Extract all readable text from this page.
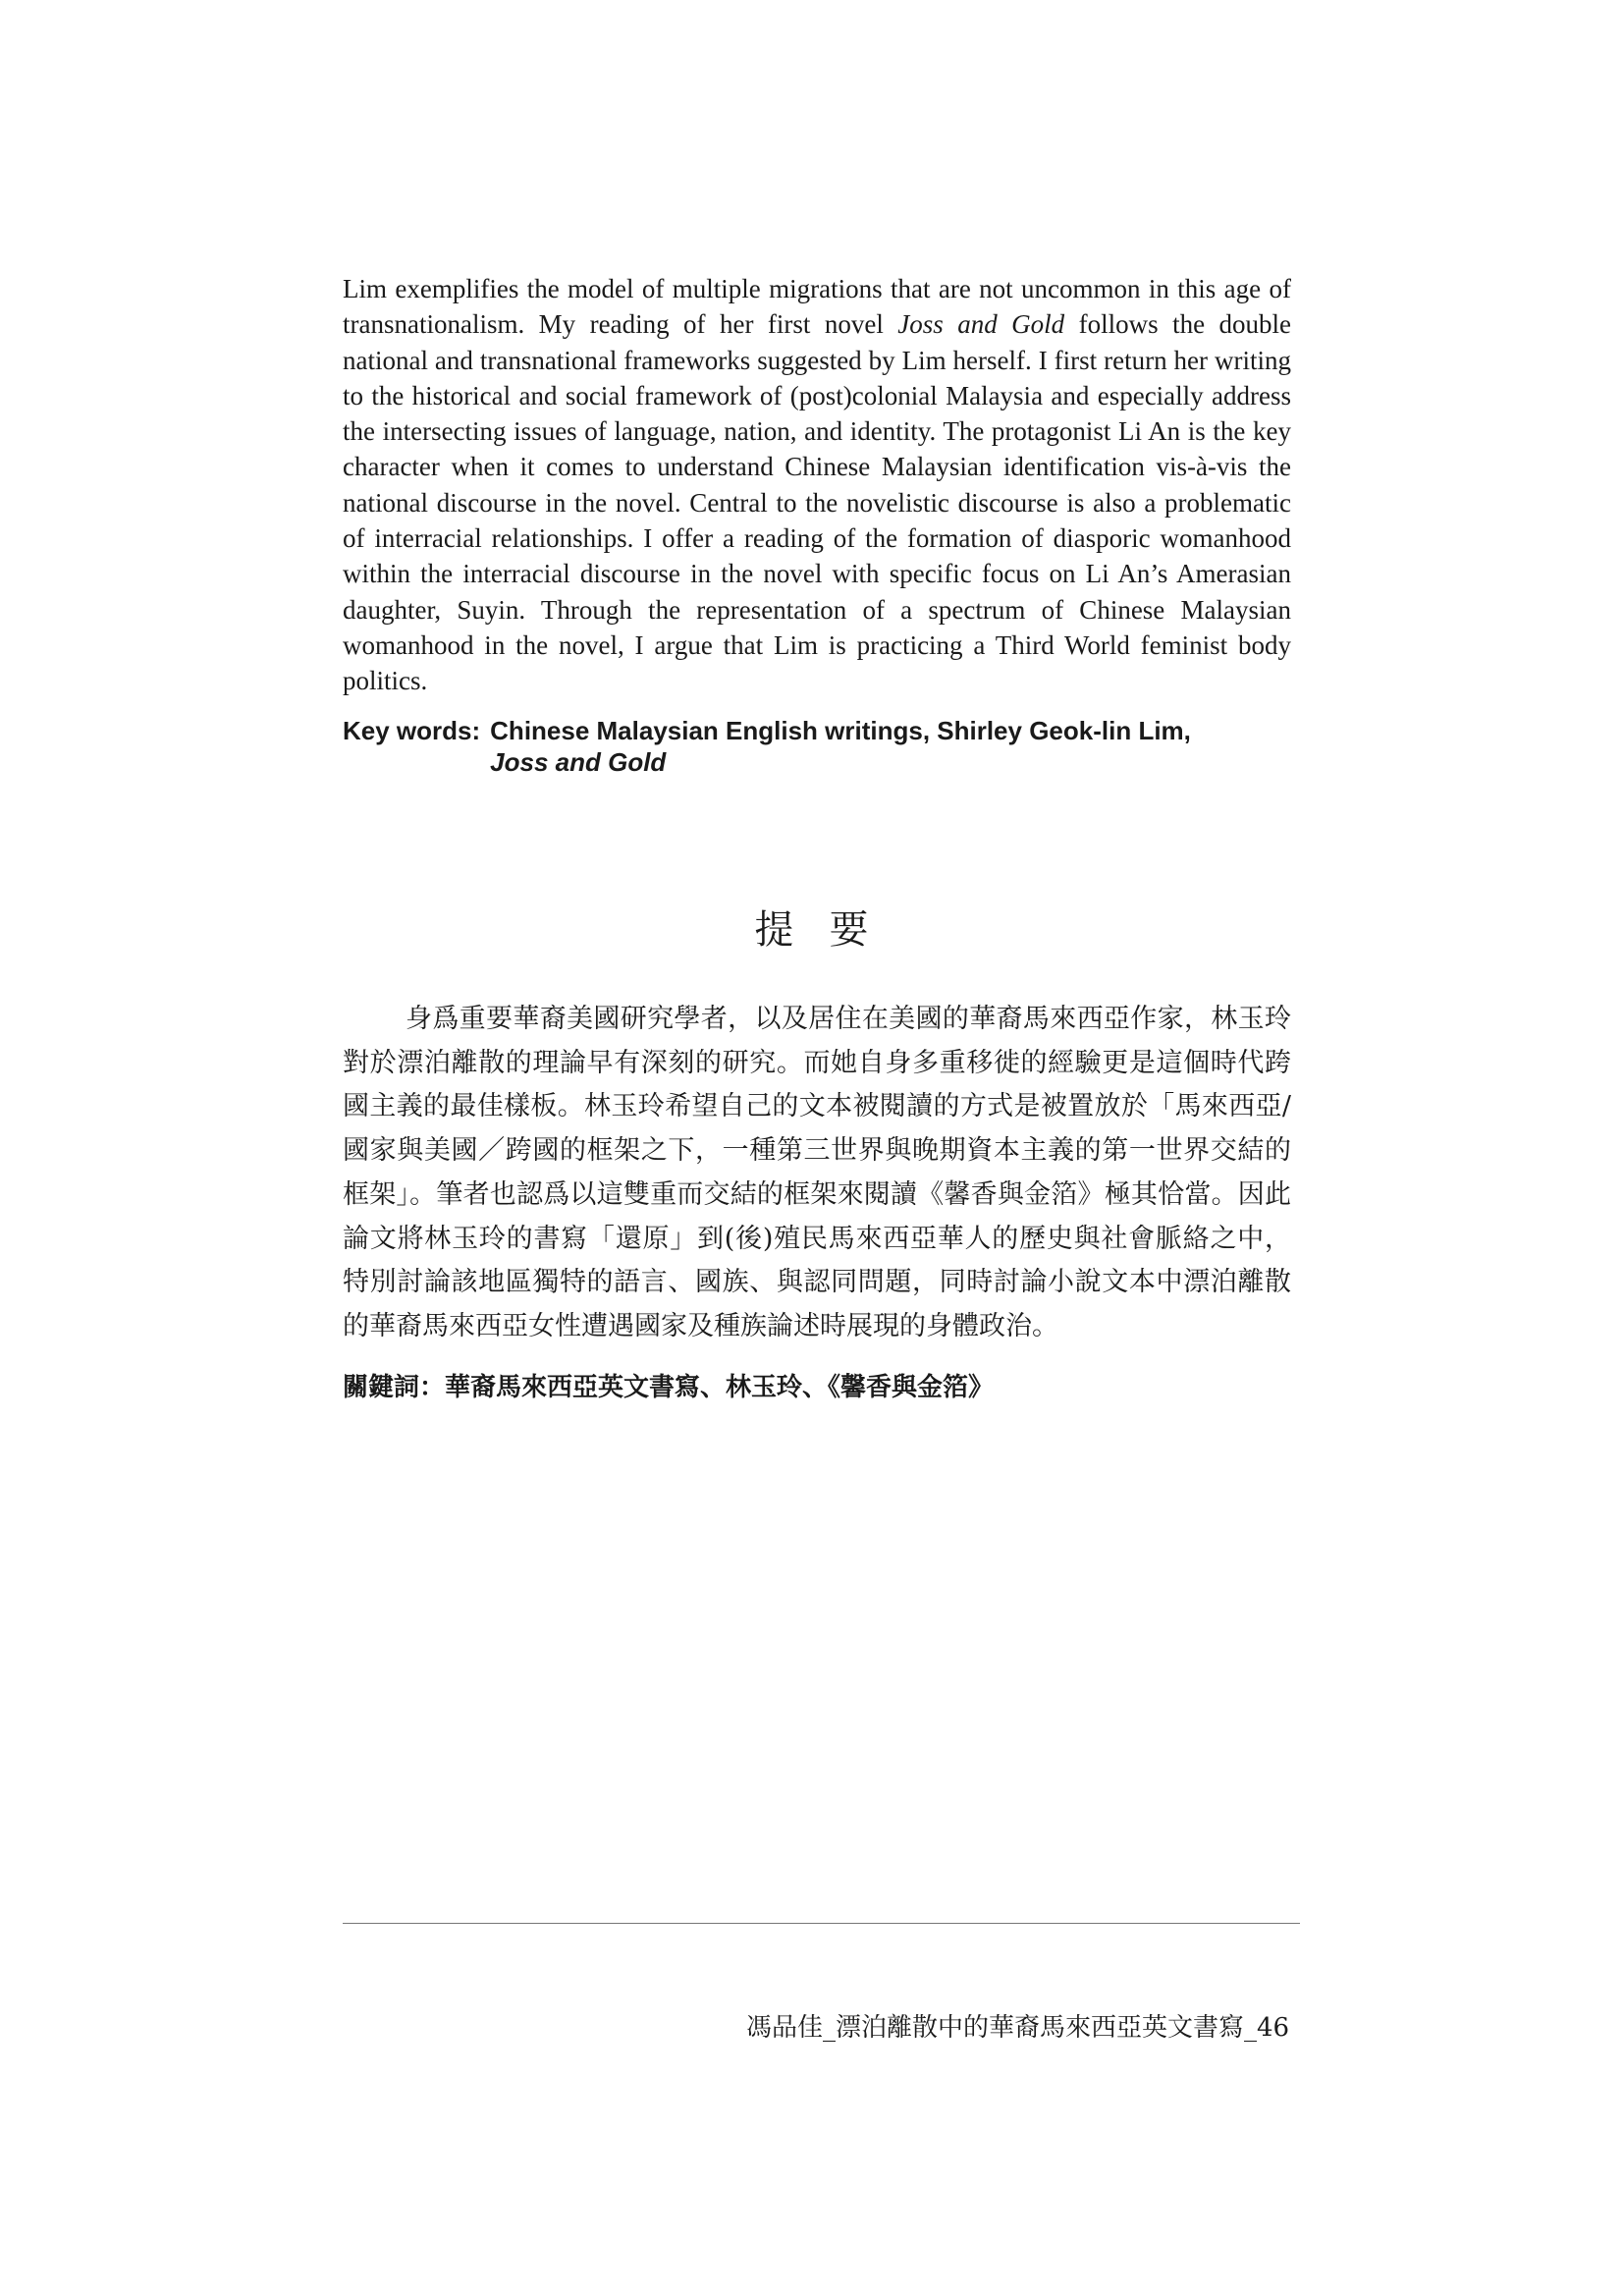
Lim exemplifies the model of multiple migrations that are not uncommon in this age of transnationalism. My reading of her first novel Joss and Gold follows the double national and transnational frameworks suggested by Lim herself. I first return her writing to the historical and social framework of (post)colonial Malaysia and especially address the intersecting issues of language, nation, and identity. The protagonist Li An is the key character when it comes to understand Chinese Malaysian identification vis-à-vis the national discourse in the novel. Central to the novelistic discourse is also a problematic of interracial relationships. I offer a reading of the formation of diasporic womanhood within the interracial discourse in the novel with specific focus on Li An’s Amerasian daughter, Suyin. Through the representation of a spectrum of Chinese Malaysian womanhood in the novel, I argue that Lim is practicing a Third World feminist body politics.

Key words: Chinese Malaysian English writings, Shirley Geok-lin Lim,
Joss and Gold
提要

身爲重要華裔美國研究學者，以及居住在美國的華裔馬來西亞作家，林玉玲對於漂泊離散的理論早有深刻的研究。而她自身多重移徙的經驗更是這個時代跨國主義的最佳樣板。林玉玲希望自己的文本被閱讀的方式是被置放於「馬來西亞/國家與美國／跨國的框架之下，一種第三世界與晚期資本主義的第一世界交結的框架」。筆者也認爲以這雙重而交結的框架來閱讀《馨香與金箔》極其恰當。因此論文將林玉玲的書寫「還原」到(後)殖民馬來西亞華人的歷史與社會脈絡之中，特別討論該地區獨特的語言、國族、與認同問題，同時討論小說文本中漂泊離散的華裔馬來西亞女性遭遇國家及種族論述時展現的身體政治。

關鍵詞：華裔馬來西亞英文書寫、林玉玲、《馨香與金箔》
馮品佳_漂泊離散中的華裔馬來西亞英文書寫_46
